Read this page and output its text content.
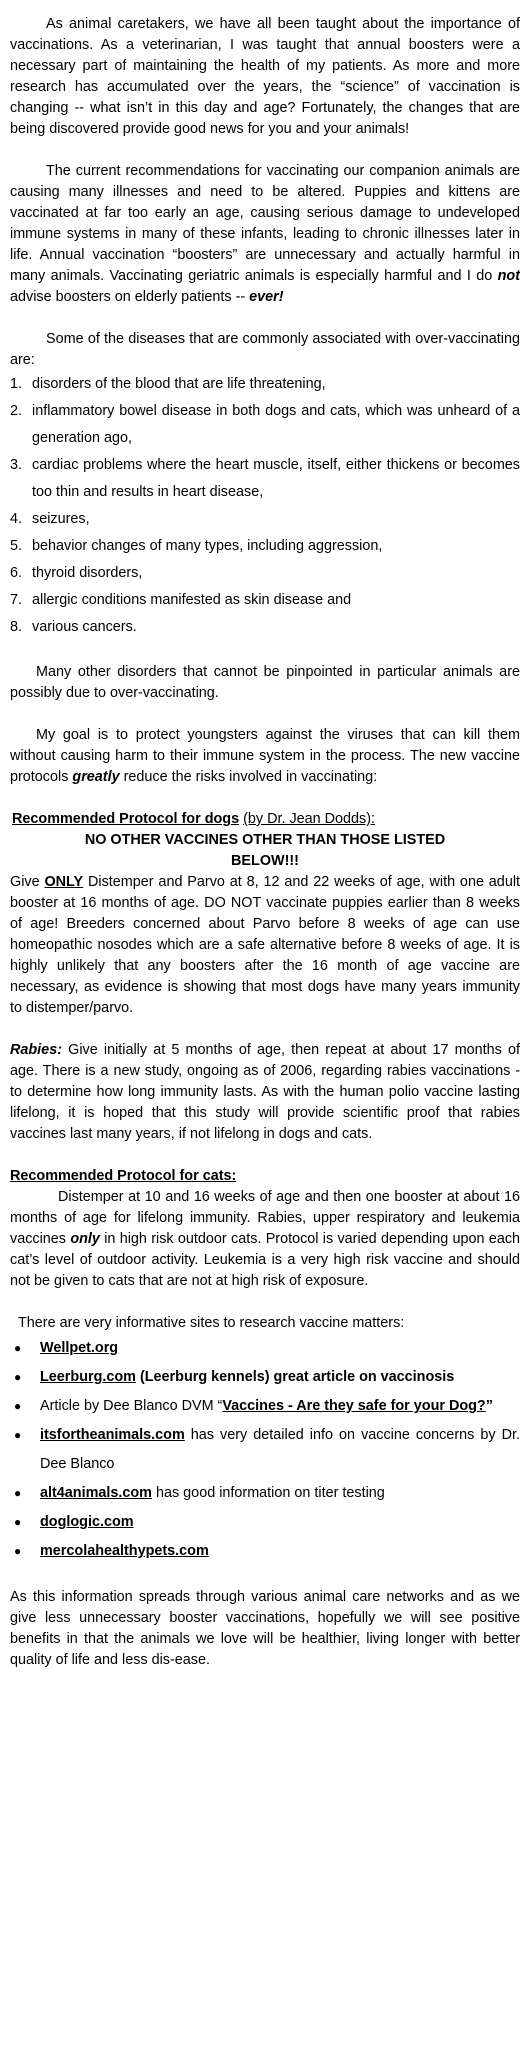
As animal caretakers, we have all been taught about the importance of vaccinations. As a veterinarian, I was taught that annual boosters were a necessary part of maintaining the health of my patients. As more and more research has accumulated over the years, the “science” of vaccination is changing -- what isn’t in this day and age? Fortunately, the changes that are being discovered provide good news for you and your animals!

The current recommendations for vaccinating our companion animals are causing many illnesses and need to be altered. Puppies and kittens are vaccinated at far too early an age, causing serious damage to undeveloped immune systems in many of these infants, leading to chronic illnesses later in life. Annual vaccination “boosters” are unnecessary and actually harmful in many animals. Vaccinating geriatric animals is especially harmful and I do not advise boosters on elderly patients -- ever!

Some of the diseases that are commonly associated with over-vaccinating are:

1. disorders of the blood that are life threatening,
2. inflammatory bowel disease in both dogs and cats, which was unheard of a generation ago,
3. cardiac problems where the heart muscle, itself, either thickens or becomes too thin and results in heart disease,
4. seizures,
5. behavior changes of many types, including aggression,
6. thyroid disorders,
7. allergic conditions manifested as skin disease and
8. various cancers.

Many other disorders that cannot be pinpointed in particular animals are possibly due to over-vaccinating.

My goal is to protect youngsters against the viruses that can kill them without causing harm to their immune system in the process. The new vaccine protocols greatly reduce the risks involved in vaccinating:

Recommended Protocol for dogs (by Dr. Jean Dodds):

NO OTHER VACCINES OTHER THAN THOSE LISTED BELOW!!!

Give ONLY Distemper and Parvo at 8, 12 and 22 weeks of age, with one adult booster at 16 months of age. DO NOT vaccinate puppies earlier than 8 weeks of age! Breeders concerned about Parvo before 8 weeks of age can use homeopathic nosodes which are a safe alternative before 8 weeks of age. It is highly unlikely that any boosters after the 16 month of age vaccine are necessary, as evidence is showing that most dogs have many years immunity to distemper/parvo.

Rabies: Give initially at 5 months of age, then repeat at about 17 months of age. There is a new study, ongoing as of 2006, regarding rabies vaccinations - to determine how long immunity lasts. As with the human polio vaccine lasting lifelong, it is hoped that this study will provide scientific proof that rabies vaccines last many years, if not lifelong in dogs and cats.

Recommended Protocol for cats:

Distemper at 10 and 16 weeks of age and then one booster at about 16 months of age for lifelong immunity. Rabies, upper respiratory and leukemia vaccines only in high risk outdoor cats. Protocol is varied depending upon each cat’s level of outdoor activity. Leukemia is a very high risk vaccine and should not be given to cats that are not at high risk of exposure.

There are very informative sites to research vaccine matters:

● Wellpet.org
● Leerburg.com (Leerburg kennels) great article on vaccinosis
● Article by Dee Blanco DVM “Vaccines - Are they safe for your Dog?”
● itsfortheanimals.com has very detailed info on vaccine concerns by Dr. Dee Blanco
● alt4animals.com has good information on titer testing
● doglogic.com
● mercolahealthypets.com

As this information spreads through various animal care networks and as we give less unnecessary booster vaccinations, hopefully we will see positive benefits in that the animals we love will be healthier, living longer with better quality of life and less dis-ease.
